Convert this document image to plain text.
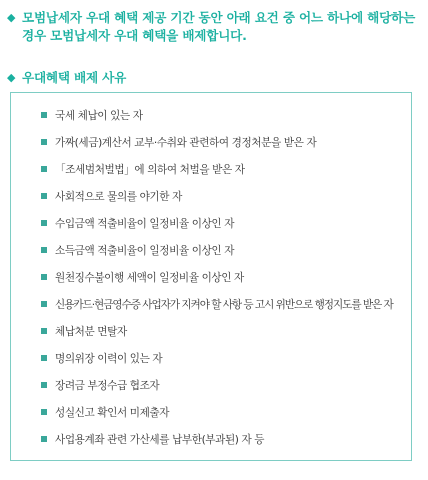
◆ 모범납세자 우대 혜택 제공 기간 동안 아래 요건 중 어느 하나에 해당하는 경우 모범납세자 우대 혜택을 배제합니다.
◆ 우대혜택 배제 사유
국세 체납이 있는 자
가짜(세금)계산서 교부·수취와 관련하여 경정처분을 받은 자
「조세범처벌법」에 의하여 처벌을 받은 자
사회적으로 물의를 야기한 자
수입금액 적출비율이 일정비율 이상인 자
소득금액 적출비율이 일정비율 이상인 자
원천징수불이행 세액이 일정비율 이상인 자
신용카드·현금영수증 사업자가 지켜야 할 사항 등 고시 위반으로 행정지도를 받은 자
체납처분 면탈자
명의위장 이력이 있는 자
장려금 부정수급 협조자
성실신고 확인서 미제출자
사업용계좌 관련 가산세를 납부한(부과된) 자 등
